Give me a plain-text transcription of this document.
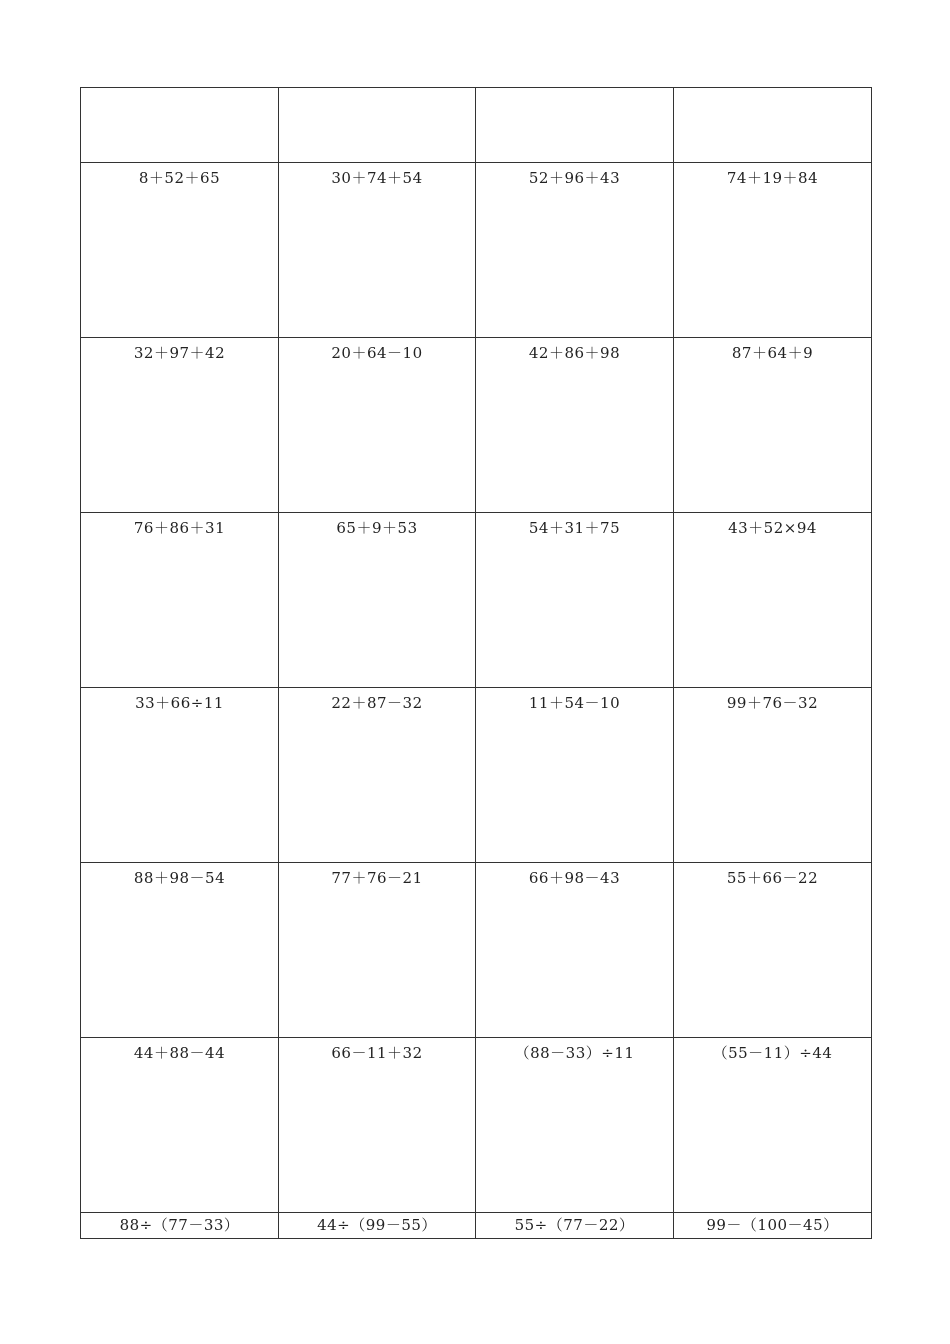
8＋52＋65	30＋74＋54	52＋96＋43	74＋19＋84
32＋97＋42	20＋64－10	42＋86＋98	87＋64＋9
76＋86＋31	65＋9＋53	54＋31＋75	43＋52×94
33＋66÷11	22＋87－32	11＋54－10	99＋76－32
88＋98－54	77＋76－21	66＋98－43	55＋66－22
44＋88－44	66－11＋32	（88－33）÷11	（55－11）÷44
88÷（77－33）	44÷（99－55）	55÷（77－22）	99－（100－45）
